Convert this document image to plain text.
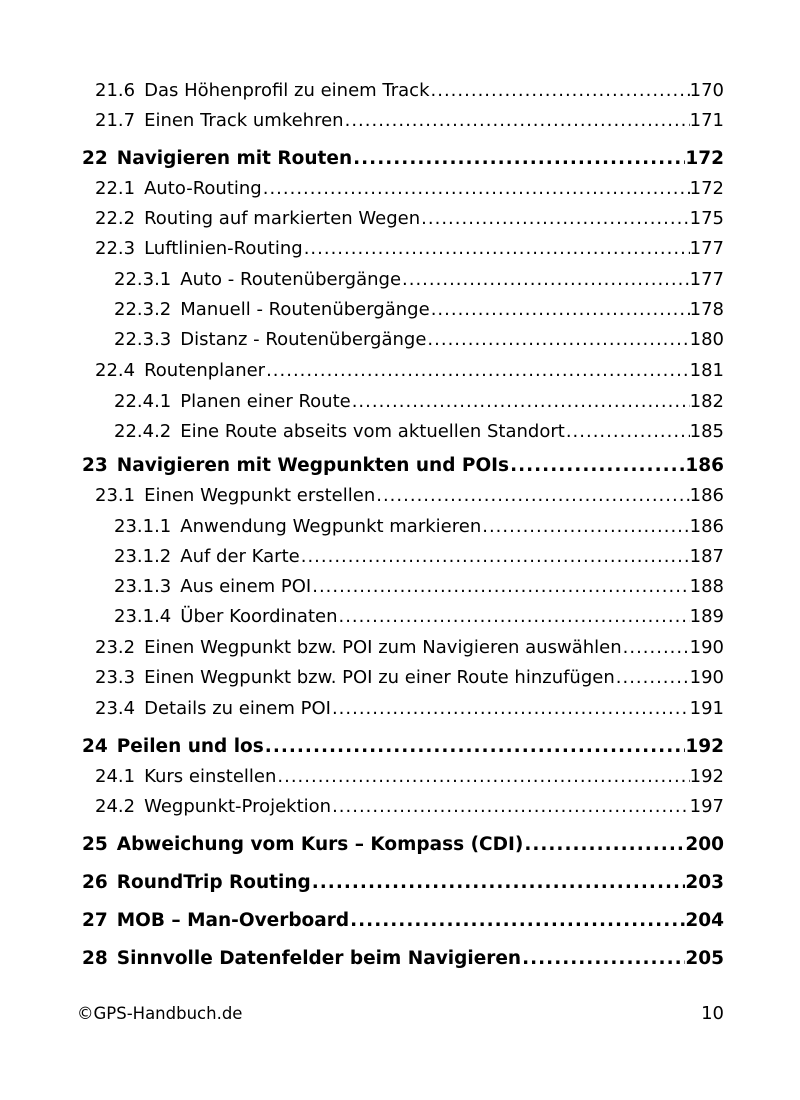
21.6 Das Höhenprofil zu einem Track .....	170
21.7 Einen Track umkehren .....	171
22 Navigieren mit Routen .....	172
22.1 Auto-Routing .....	172
22.2 Routing auf markierten Wegen .....	175
22.3 Luftlinien-Routing .....	177
22.3.1 Auto - Routenübergänge .....	177
22.3.2 Manuell - Routenübergänge .....	178
22.3.3 Distanz - Routenübergänge .....	180
22.4 Routenplaner .....	181
22.4.1 Planen einer Route .....	182
22.4.2 Eine Route abseits vom aktuellen Standort .....	185
23 Navigieren mit Wegpunkten und POIs .....	186
23.1 Einen Wegpunkt erstellen .....	186
23.1.1 Anwendung Wegpunkt markieren .....	186
23.1.2 Auf der Karte .....	187
23.1.3 Aus einem POI .....	188
23.1.4 Über Koordinaten .....	189
23.2 Einen Wegpunkt bzw. POI zum Navigieren auswählen .....	190
23.3 Einen Wegpunkt bzw. POI zu einer Route hinzufügen .....	190
23.4 Details zu einem POI .....	191
24 Peilen und los .....	192
24.1 Kurs einstellen .....	192
24.2 Wegpunkt-Projektion .....	197
25 Abweichung vom Kurs – Kompass (CDI) .....	200
26 RoundTrip Routing .....	203
27 MOB – Man-Overboard .....	204
28 Sinnvolle Datenfelder beim Navigieren .....	205
©GPS-Handbuch.de	10
